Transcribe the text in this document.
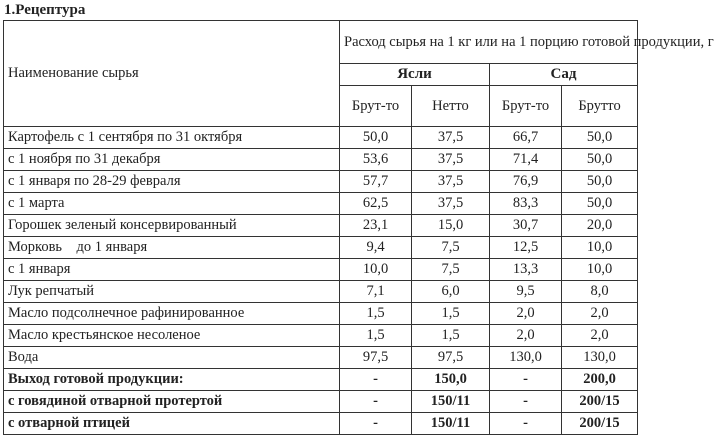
1.Рецептура
Наименование сырья	Расход сырья на 1 кг или на 1 порцию готовой продукции, г			
	Ясли		Сад	
	Брут-то	Нетто	Брут-то	Брутто
Картофель с 1 сентября по 31 октября	50,0	37,5	66,7	50,0
с 1 ноября по 31 декабря	53,6	37,5	71,4	50,0
с 1 января по 28-29 февраля	57,7	37,5	76,9	50,0
с 1 марта	62,5	37,5	83,3	50,0
Горошек зеленый консервированный	23,1	15,0	30,7	20,0
Морковь    до 1 января	9,4	7,5	12,5	10,0
с 1 января	10,0	7,5	13,3	10,0
Лук репчатый	7,1	6,0	9,5	8,0
Масло подсолнечное рафинированное	1,5	1,5	2,0	2,0
Масло крестьянское несоленое	1,5	1,5	2,0	2,0
Вода	97,5	97,5	130,0	130,0
Выход готовой продукции:	-	150,0	-	200,0
с говядиной отварной протертой	-	150/11	-	200/15
с отварной птицей	-	150/11	-	200/15
